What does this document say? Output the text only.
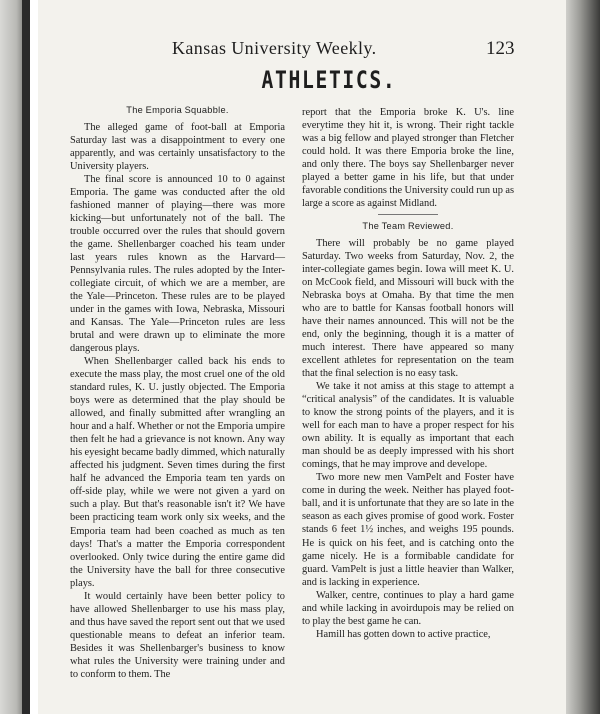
Kansas University Weekly.	123
ATHLETICS.
The Emporia Squabble.

The alleged game of foot-ball at Emporia Saturday last was a disappointment to every one apparently, and was certainly unsatisfactory to the University players.

The final score is announced 10 to 0 against Emporia. The game was conducted after the old fashioned manner of playing—there was more kicking—but unfortunately not of the ball. The trouble occurred over the rules that should govern the game. Shellenbarger coached his team under last years rules known as the Harvard—Pennsylvania rules. The rules adopted by the Inter-collegiate circuit, of which we are a member, are the Yale—Princeton. These rules are to be played under in the games with Iowa, Nebraska, Missouri and Kansas. The Yale—Princeton rules are less brutal and were drawn up to eliminate the more dangerous plays.

When Shellenbarger called back his ends to execute the mass play, the most cruel one of the old standard rules, K. U. justly objected. The Emporia boys were as determined that the play should be allowed, and finally submitted after wrangling an hour and a half. Whether or not the Emporia umpire then felt he had a grievance is not known. Any way his eyesight became badly dimmed, which naturally affected his judgment. Seven times during the first half he advanced the Emporia team ten yards on off-side play, while we were not given a yard on such a play. But that's reasonable isn't it? We have been practicing team work only six weeks, and the Emporia team had been coached as much as ten days! That's a matter the Emporia correspondent overlooked. Only twice during the entire game did the University have the ball for three consecutive plays.

It would certainly have been better policy to have allowed Shellenbarger to use his mass play, and thus have saved the report sent out that we used questionable means to defeat an inferior team. Besides it was Shellenbarger's business to know what rules the University were training under and to conform to them. The

report that the Emporia broke K. U's. line everytime they hit it, is wrong. Their right tackle was a big fellow and played stronger than Fletcher could hold. It was there Emporia broke the line, and only there. The boys say Shellenbarger never played a better game in his life, but that under favorable conditions the University could run up as large a score as against Midland.

The Team Reviewed.

There will probably be no game played Saturday. Two weeks from Saturday, Nov. 2, the inter-collegiate games begin. Iowa will meet K. U. on McCook field, and Missouri will buck with the Nebraska boys at Omaha. By that time the men who are to battle for Kansas football honors will have their names announced. This will not be the end, only the beginning, though it is a matter of much interest. There have appeared so many excellent athletes for representation on the team that the final selection is no easy task.

We take it not amiss at this stage to attempt a “critical analysis” of the candidates. It is valuable to know the strong points of the players, and it is well for each man to have a proper respect for his own ability. It is equally as important that each man should be as deeply impressed with his short comings, that he may improve and develope.

Two more new men VamPelt and Foster have come in during the week. Neither has played foot-ball, and it is unfortunate that they are so late in the season as each gives promise of good work. Foster stands 6 feet 1½ inches, and weighs 195 pounds. He is quick on his feet, and is catching onto the game nicely. He is a formibable candidate for guard. VamPelt is just a little heavier than Walker, and is lacking in experience.

Walker, centre, continues to play a hard game and while lacking in avoirdupois may be relied on to play the best game he can.

Hamill has gotten down to active practice,
